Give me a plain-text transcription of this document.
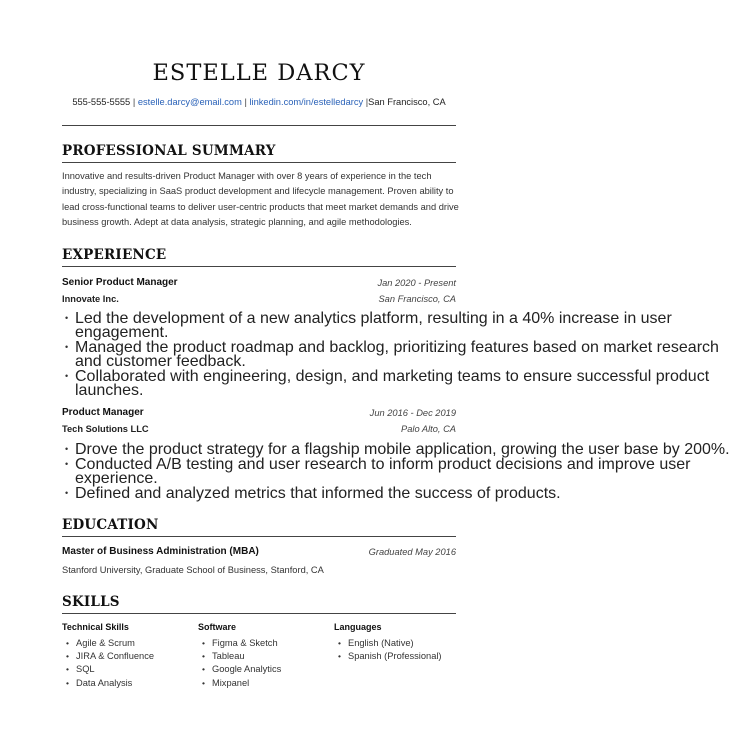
ESTELLE DARCY
555-555-5555 | estelle.darcy@email.com | linkedin.com/in/estelledarcy |San Francisco, CA
PROFESSIONAL SUMMARY

Innovative and results-driven Product Manager with over 8 years of experience in the tech

industry, specializing in SaaS product development and lifecycle management. Proven ability to

lead cross-functional teams to deliver user-centric products that meet market demands and drive

business growth. Adept at data analysis, strategic planning, and agile methodologies.

EXPERIENCE
Senior Product Manager	Jan 2020 - Present
Innovate Inc.	San Francisco, CA
• Led the development of a new analytics platform, resulting in a 40% increase in user
engagement.
• Managed the product roadmap and backlog, prioritizing features based on market research
and customer feedback.
• Collaborated with engineering, design, and marketing teams to ensure successful product
launches.
Product Manager	Jun 2016 - Dec 2019
Tech Solutions LLC	Palo Alto, CA
• Drove the product strategy for a flagship mobile application, growing the user base by 200%.
• Conducted A/B testing and user research to inform product decisions and improve user
experience.
• Defined and analyzed metrics that informed the success of products.
EDUCATION
Master of Business Administration (MBA)	Graduated May 2016
Stanford University, Graduate School of Business, Stanford, CA
SKILLS
Technical Skills
• Agile & Scrum
• JIRA & Confluence
• SQL
• Data Analysis
Software
• Figma & Sketch
• Tableau
• Google Analytics
• Mixpanel
Languages
• English (Native)
• Spanish (Professional)
